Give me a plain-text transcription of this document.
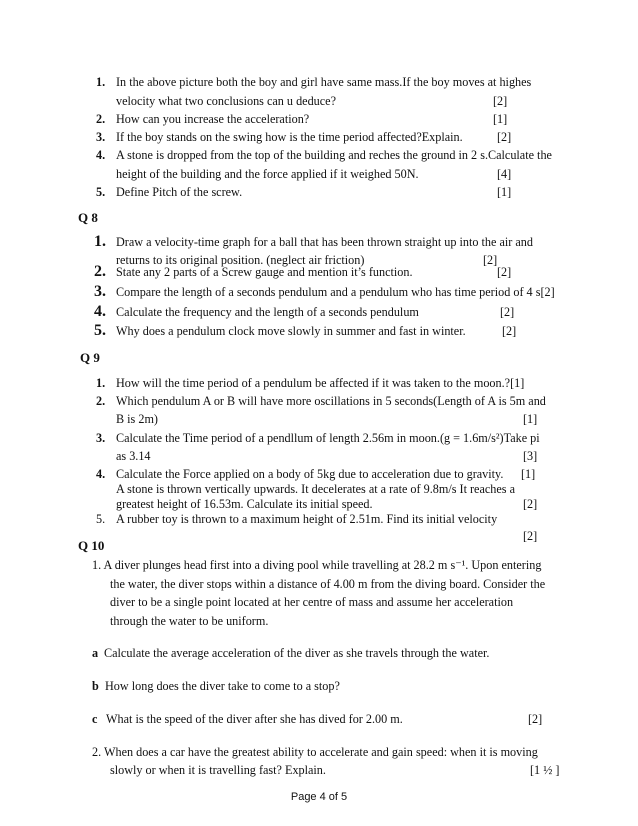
1. In the above picture both the boy and girl have same mass.If the boy moves at highes
velocity what two conclusions can u deduce?	[2]
2. How can you increase the acceleration?	[1]
3. If the boy stands on the swing how is the time period affected?Explain.	[2]
4. A stone is dropped from the top of the building and reches the ground in 2 s.Calculate the
height of the building and the force applied if it weighed 50N.	[4]
5. Define Pitch of the screw.	[1]
Q 8
1. Draw a velocity-time graph for a ball that has been thrown straight up into the air and
returns to its original position. (neglect air friction)	[2]
2. State any 2 parts of a Screw gauge and mention it’s function.	[2]
3. Compare the length of a seconds pendulum and a pendulum who has time period of 4 s[2]
4. Calculate the frequency and the length of a seconds pendulum	[2]
5. Why does a pendulum clock move slowly in summer and fast in winter.	[2]
Q 9
1. How will the time period of a pendulum be affected if it was taken to the moon.?[1]
2. Which pendulum A or B will have more oscillations in 5 seconds(Length of A is 5m and
B is 2m)	[1]
3. Calculate the Time period of a pendllum of length 2.56m in moon.(g = 1.6m/s²)Take pi
as 3.14	[3]
4. Calculate the Force applied on a body of 5kg due to acceleration due to gravity. [1]
A stone is thrown vertically upwards. It decelerates at a rate of 9.8m/s It reaches a
greatest height of 16.53m. Calculate its initial speed.	[2]
5. A rubber toy is thrown to a maximum height of 2.51m. Find its initial velocity
[2]
Q 10
1. A diver plunges head first into a diving pool while travelling at 28.2 m s⁻¹. Upon entering
the water, the diver stops within a distance of 4.00 m from the diving board. Consider the
diver to be a single point located at her centre of mass and assume her acceleration
through the water to be uniform.
a Calculate the average acceleration of the diver as she travels through the water.
b How long does the diver take to come to a stop?
c What is the speed of the diver after she has dived for 2.00 m.	[2]
2. When does a car have the greatest ability to accelerate and gain speed: when it is moving
slowly or when it is travelling fast? Explain.	[1 ½ ]
Page 4 of 5
